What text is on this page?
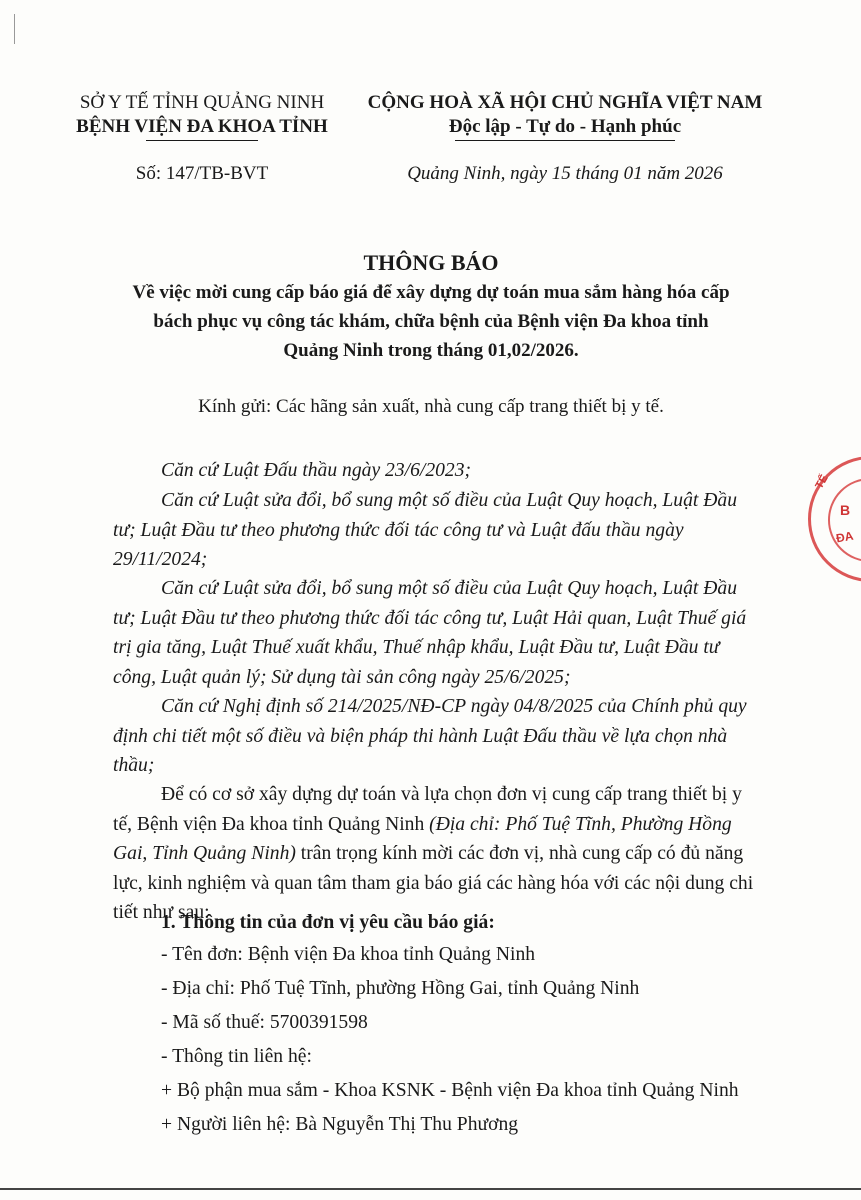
SỞ Y TẾ TỈNH QUẢNG NINH
BỆNH VIỆN ĐA KHOA TỈNH
Số: 147/TB-BVT
CỘNG HOÀ XÃ HỘI CHỦ NGHĨA VIỆT NAM
Độc lập - Tự do - Hạnh phúc
Quảng Ninh, ngày 15 tháng 01 năm 2026
THÔNG BÁO
Về việc mời cung cấp báo giá để xây dựng dự toán mua sắm hàng hóa cấp
bách phục vụ công tác khám, chữa bệnh của Bệnh viện Đa khoa tỉnh
Quảng Ninh trong tháng 01,02/2026.
Kính gửi: Các hãng sản xuất, nhà cung cấp trang thiết bị y tế.
Căn cứ Luật Đấu thầu ngày 23/6/2023;
Căn cứ Luật sửa đổi, bổ sung một số điều của Luật Quy hoạch, Luật Đầu
tư; Luật Đầu tư theo phương thức đối tác công tư và Luật đấu thầu ngày
29/11/2024;
Căn cứ Luật sửa đổi, bổ sung một số điều của Luật Quy hoạch, Luật Đầu
tư; Luật Đầu tư theo phương thức đối tác công tư, Luật Hải quan, Luật Thuế giá
trị gia tăng, Luật Thuế xuất khẩu, Thuế nhập khẩu, Luật Đầu tư, Luật Đầu tư
công, Luật quản lý; Sử dụng tài sản công ngày 25/6/2025;
Căn cứ Nghị định số 214/2025/NĐ-CP ngày 04/8/2025 của Chính phủ quy
định chi tiết một số điều và biện pháp thi hành Luật Đấu thầu về lựa chọn nhà
thầu;
Để có cơ sở xây dựng dự toán và lựa chọn đơn vị cung cấp trang thiết bị y
tế, Bệnh viện Đa khoa tỉnh Quảng Ninh (Địa chỉ: Phố Tuệ Tĩnh, Phường Hồng
Gai, Tỉnh Quảng Ninh) trân trọng kính mời các đơn vị, nhà cung cấp có đủ năng
lực, kinh nghiệm và quan tâm tham gia báo giá các hàng hóa với các nội dung chi
tiết như sau:
1. Thông tin của đơn vị yêu cầu báo giá:
- Tên đơn: Bệnh viện Đa khoa tỉnh Quảng Ninh
- Địa chỉ: Phố Tuệ Tĩnh, phường Hồng Gai, tỉnh Quảng Ninh
- Mã số thuế: 5700391598
- Thông tin liên hệ:
+ Bộ phận mua sắm - Khoa KSNK - Bệnh viện Đa khoa tỉnh Quảng Ninh
+ Người liên hệ: Bà Nguyễn Thị Thu Phương
TẾ
B
ĐA
